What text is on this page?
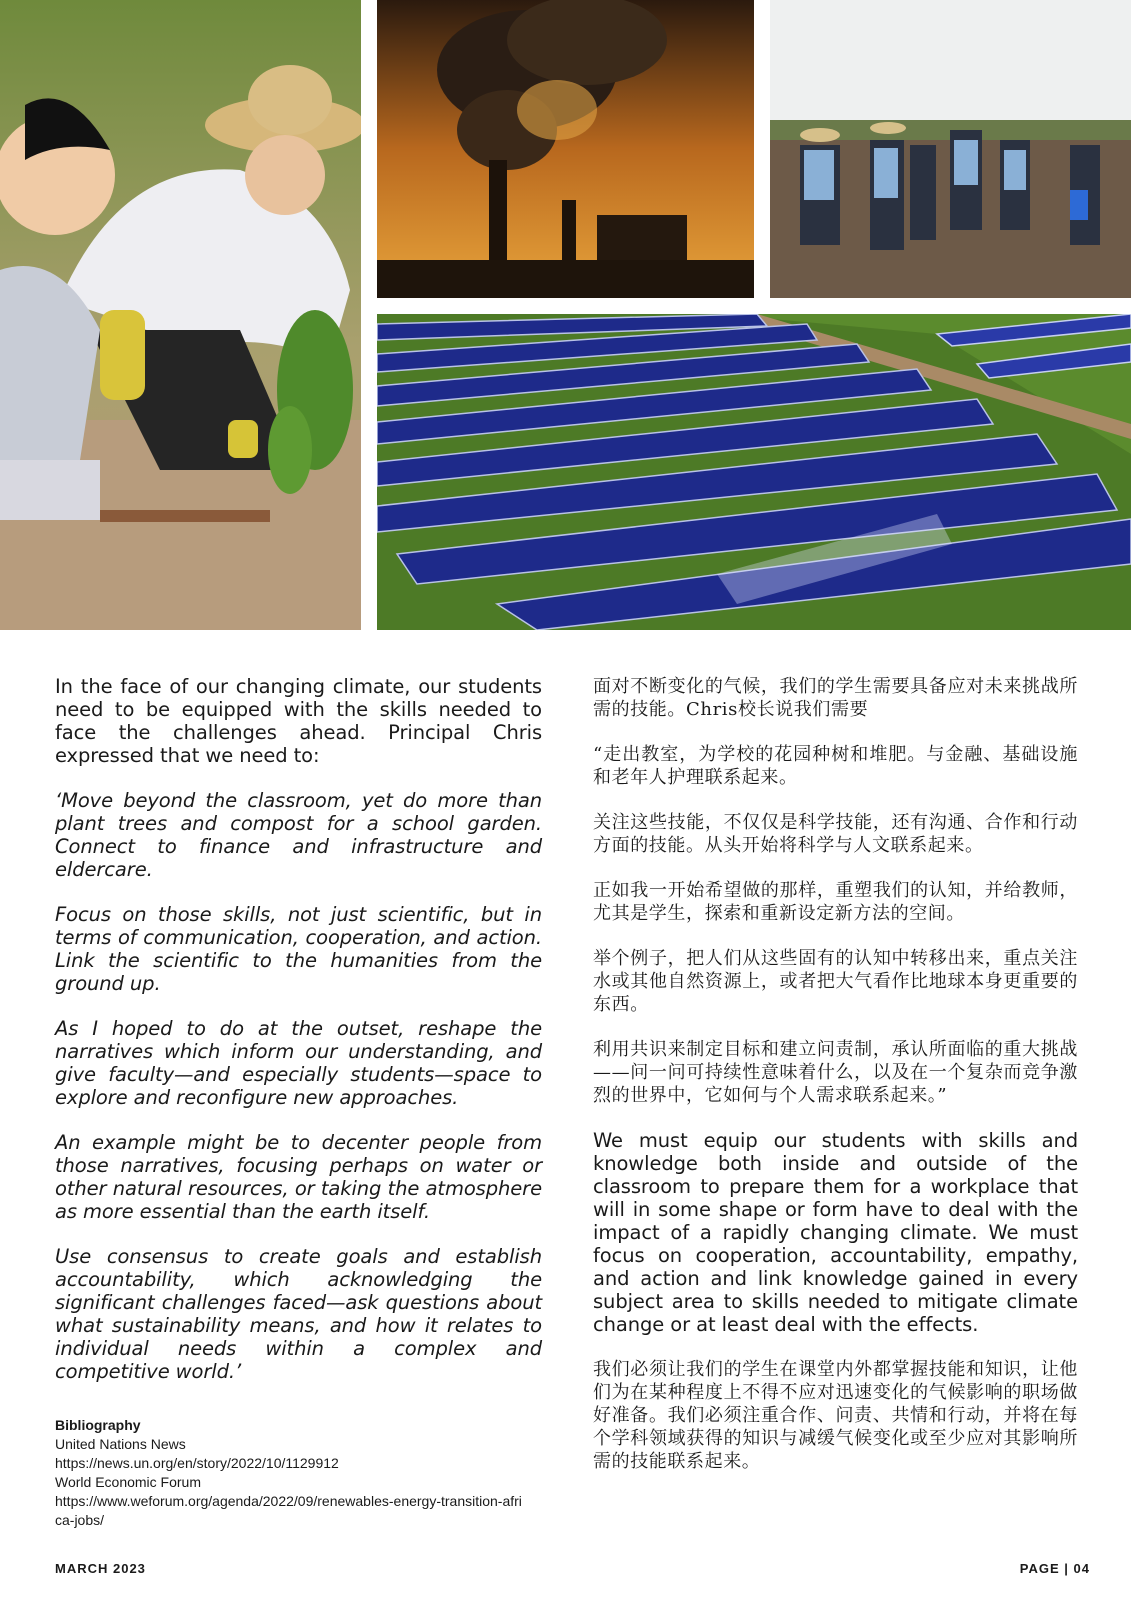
In the face of our changing climate, our students need to be equipped with the skills needed to face the challenges ahead. Principal Chris expressed that we need to:

‘Move beyond the classroom, yet do more than plant trees and compost for a school garden. Connect to finance and infrastructure and eldercare.

Focus on those skills, not just scientific, but in terms of communication, cooperation, and action. Link the scientific to the humanities from the ground up.

As I hoped to do at the outset, reshape the narratives which inform our understanding, and give faculty—and especially students—space to explore and reconfigure new approaches.

An example might be to decenter people from those narratives, focusing perhaps on water or other natural resources, or taking the atmosphere as more essential than the earth itself.

Use consensus to create goals and establish accountability, which acknowledging the significant challenges faced—ask questions about what sustainability means, and how it relates to individual needs within a complex and competitive world.’

面对不断变化的气候，我们的学生需要具备应对未来挑战所需的技能。Chris校长说我们需要

“走出教室，为学校的花园种树和堆肥。与金融、基础设施和老年人护理联系起来。

关注这些技能，不仅仅是科学技能，还有沟通、合作和行动方面的技能。从头开始将科学与人文联系起来。

正如我一开始希望做的那样，重塑我们的认知，并给教师，尤其是学生，探索和重新设定新方法的空间。

举个例子，把人们从这些固有的认知中转移出来，重点关注水或其他自然资源上，或者把大气看作比地球本身更重要的东西。

利用共识来制定目标和建立问责制，承认所面临的重大挑战——问一问可持续性意味着什么，以及在一个复杂而竞争激烈的世界中，它如何与个人需求联系起来。”

We must equip our students with skills and knowledge both inside and outside of the classroom to prepare them for a workplace that will in some shape or form have to deal with the impact of a rapidly changing climate. We must focus on cooperation, accountability, empathy, and action and link knowledge gained in every subject area to skills needed to mitigate climate change or at least deal with the effects.

我们必须让我们的学生在课堂内外都掌握技能和知识，让他们为在某种程度上不得不应对迅速变化的气候影响的职场做好准备。我们必须注重合作、问责、共情和行动，并将在每个学科领域获得的知识与减缓气候变化或至少应对其影响所需的技能联系起来。

Bibliography
United Nations News
https://news.un.org/en/story/2022/10/1129912
World Economic Forum
https://www.weforum.org/agenda/2022/09/renewables-energy-transition-africa-jobs/
MARCH 2023	PAGE | 04
